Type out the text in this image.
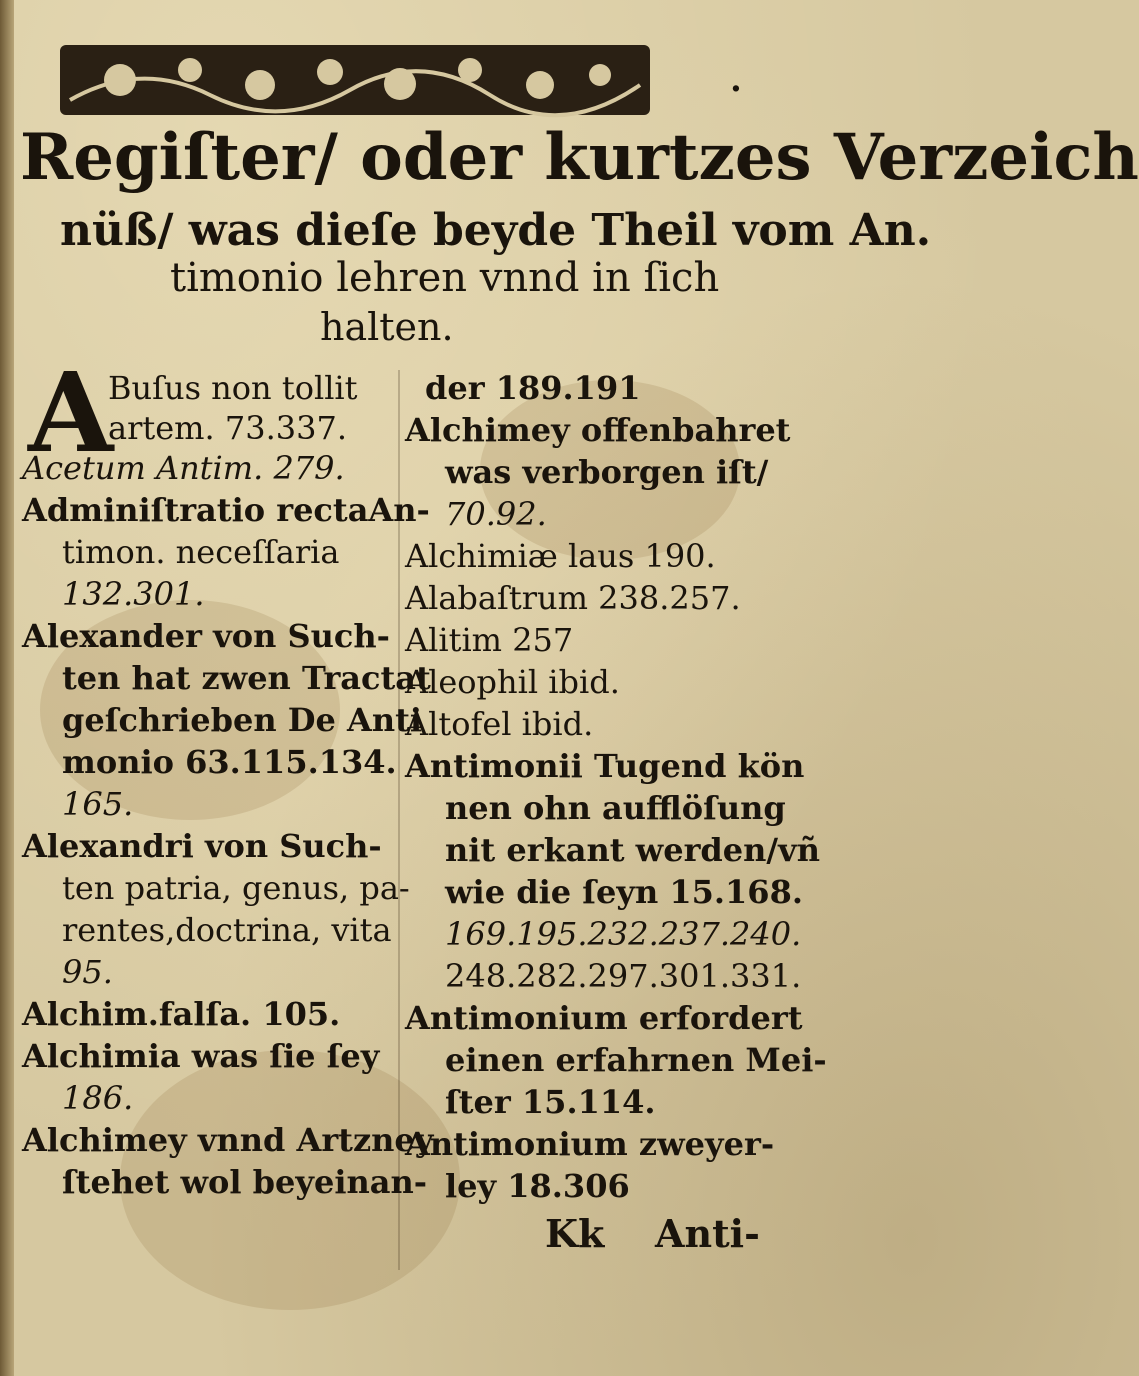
.
Regiſter/ oder kurtzes Verzeich
nüß/ was dieſe beyde Theil vom An.
timonio lehren vnnd in ſich
halten.
A
Buſus non tollit
artem. 73.337.
Acetum Antim. 279.
Adminiſtratio rectaAn-
timon. neceſſaria
132.301.
Alexander von Such-
ten hat zwen Tractat
geſchrieben De Anti
monio 63.115.134.
165.
Alexandri von Such-
ten patria, genus, pa-
rentes,doctrina, vita
95.
Alchim.falſa. 105.
Alchimia was ſie ſey
186.
Alchimey vnnd Artzney
ſtehet wol beyeinan-
der 189.191
Alchimey offenbahret
was verborgen iſt/
70.92.
Alchimiæ laus 190.
Alabaſtrum 238.257.
Alitim 257
Aleophil ibid.
Altofel ibid.
Antimonii Tugend kön
nen ohn aufflöſung
nit erkant werden/vñ
wie die ſeyn 15.168.
169.195.232.237.240.
248.282.297.301.331.
Antimonium erfordert
einen erfahrnen Mei-
ſter 15.114.
Antimonium zweyer-
ley 18.306
Kk Anti-
